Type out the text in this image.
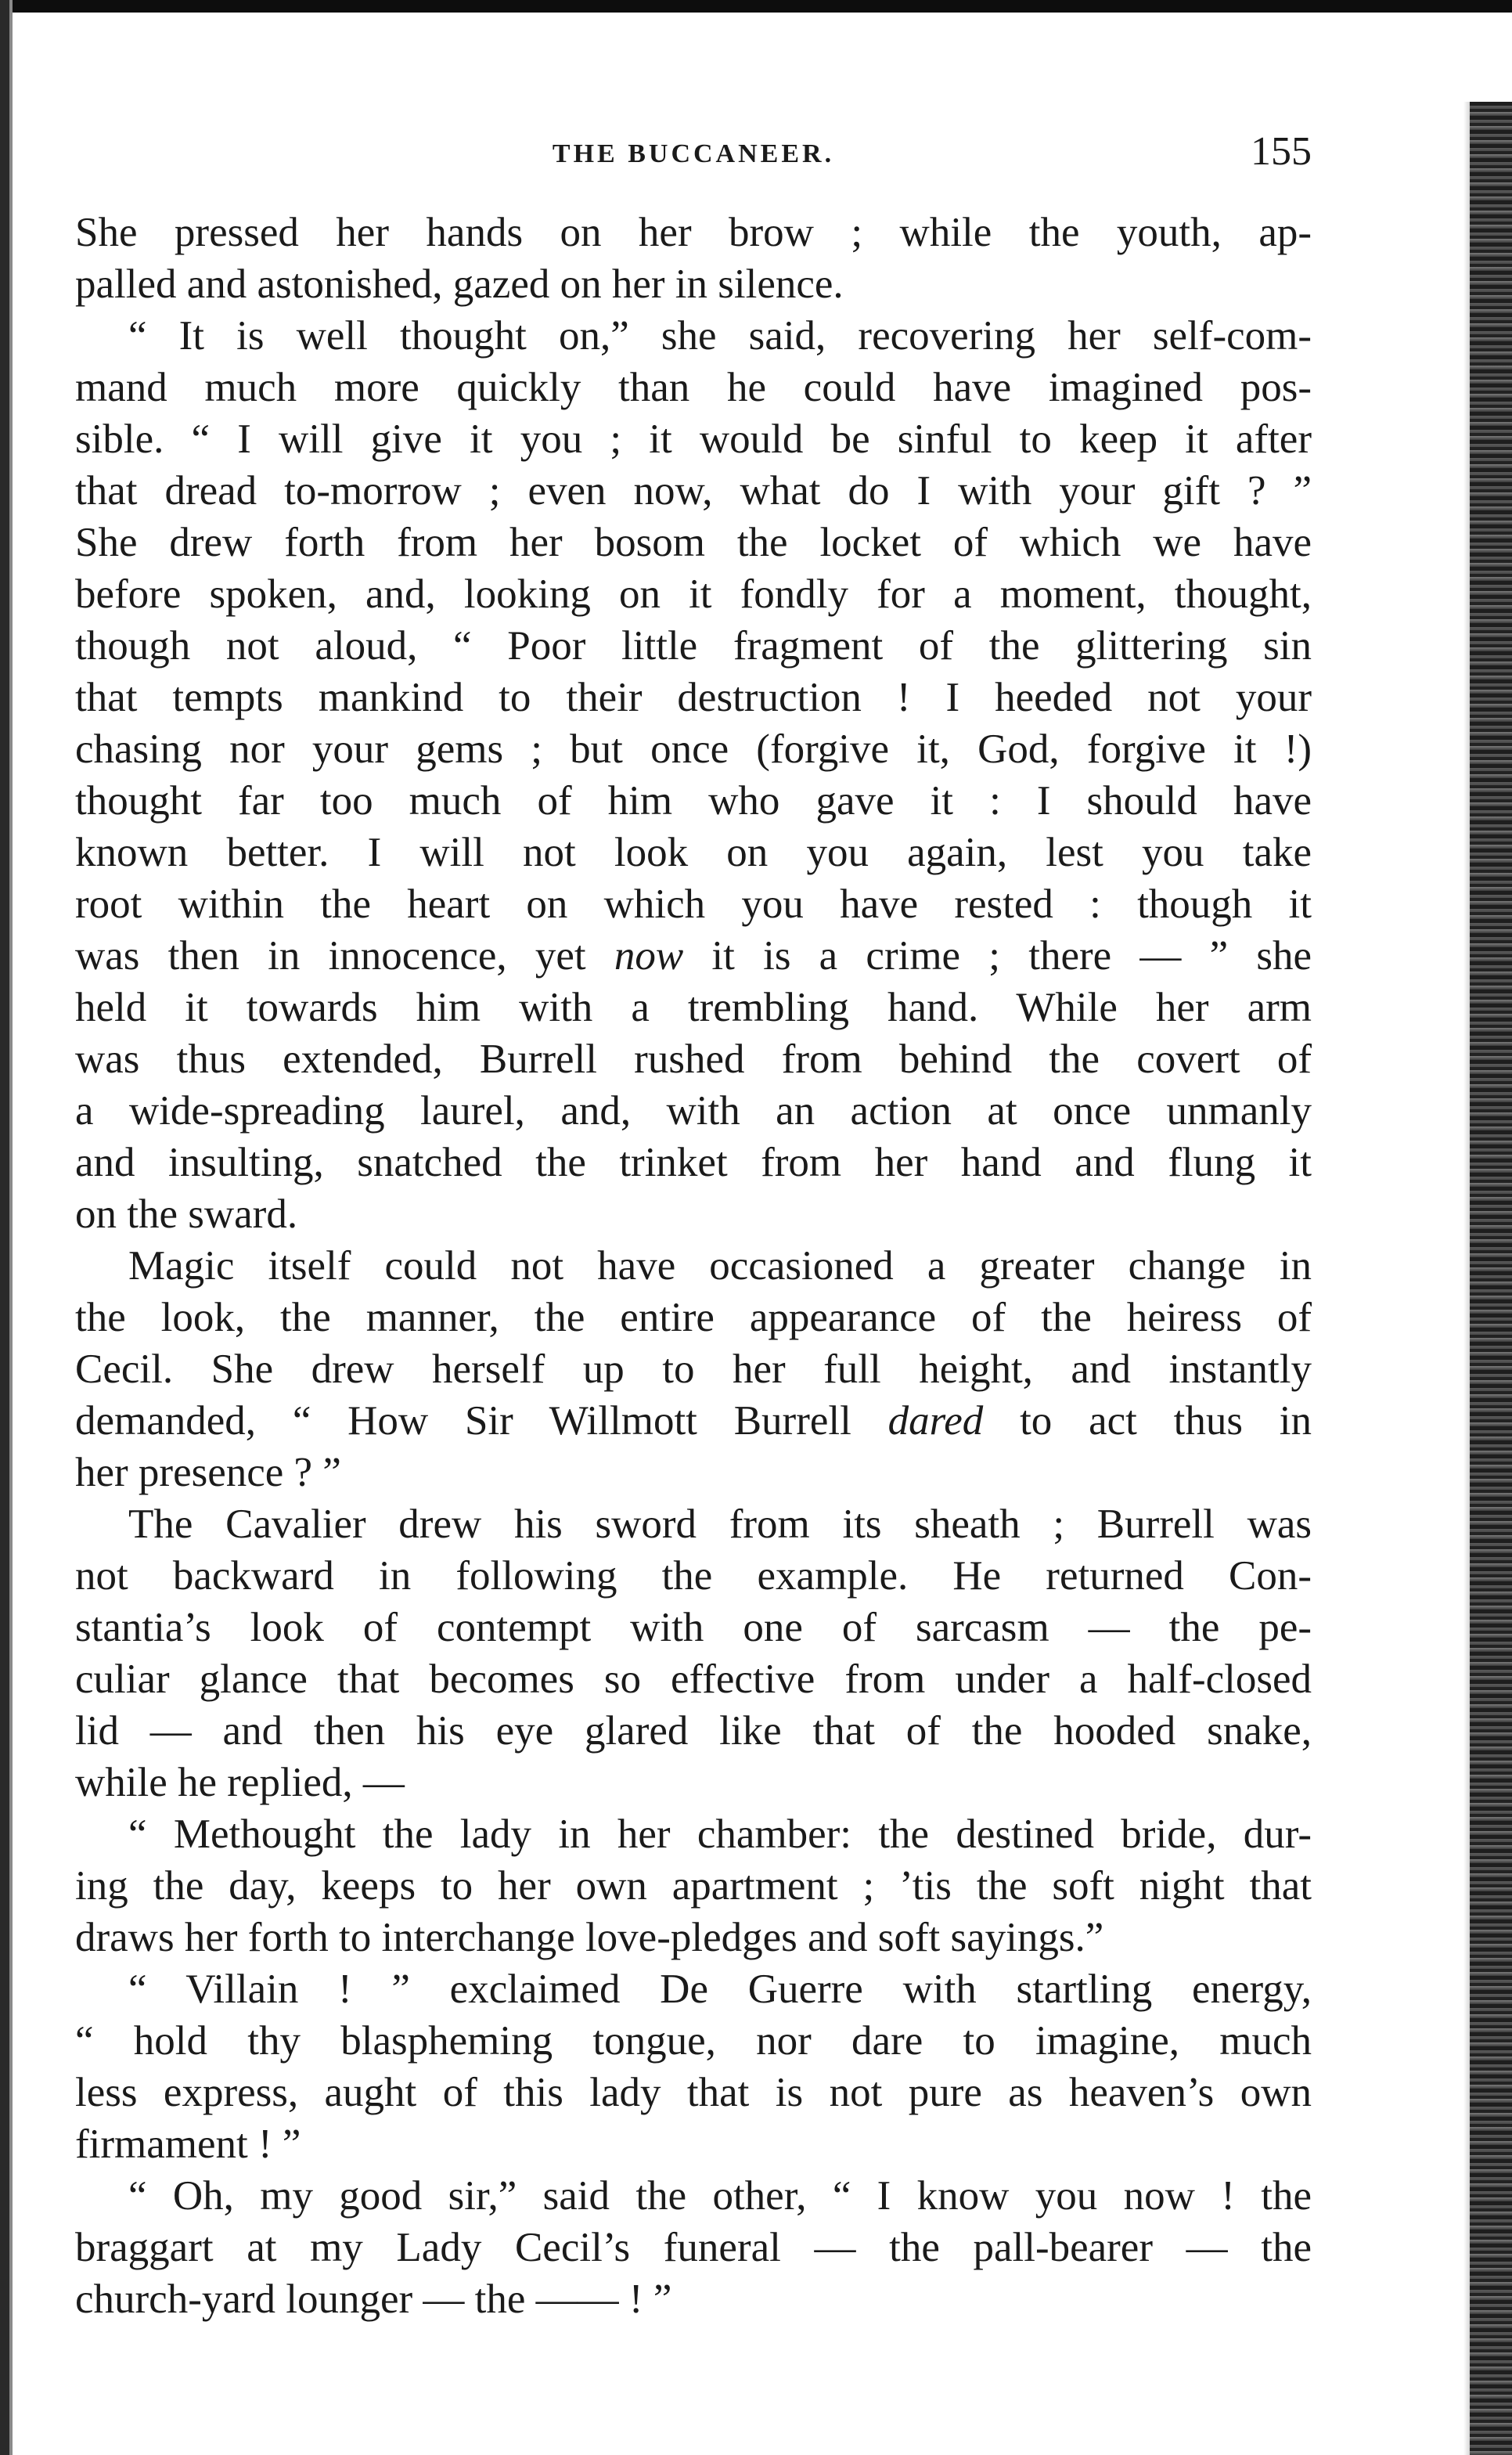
THE BUCCANEER.	155
She pressed her hands on her brow ; while the youth, ap-
palled and astonished, gazed on her in silence.
“ It is well thought on,” she said, recovering her self-com-
mand much more quickly than he could have imagined pos-
sible. “ I will give it you ; it would be sinful to keep it after
that dread to-morrow ; even now, what do I with your gift ? ”
She drew forth from her bosom the locket of which we have
before spoken, and, looking on it fondly for a moment, thought,
though not aloud, “ Poor little fragment of the glittering sin
that tempts mankind to their destruction ! I heeded not your
chasing nor your gems ; but once (forgive it, God, forgive it !)
thought far too much of him who gave it : I should have
known better. I will not look on you again, lest you take
root within the heart on which you have rested : though it
was then in innocence, yet now it is a crime ; there — ” she
held it towards him with a trembling hand. While her arm
was thus extended, Burrell rushed from behind the covert of
a wide-spreading laurel, and, with an action at once unmanly
and insulting, snatched the trinket from her hand and flung it
on the sward.
Magic itself could not have occasioned a greater change in
the look, the manner, the entire appearance of the heiress of
Cecil. She drew herself up to her full height, and instantly
demanded, “ How Sir Willmott Burrell dared to act thus in
her presence ? ”
The Cavalier drew his sword from its sheath ; Burrell was
not backward in following the example. He returned Con-
stantia’s look of contempt with one of sarcasm — the pe-
culiar glance that becomes so effective from under a half-closed
lid — and then his eye glared like that of the hooded snake,
while he replied, —
“ Methought the lady in her chamber: the destined bride, dur-
ing the day, keeps to her own apartment ; ’tis the soft night that
draws her forth to interchange love-pledges and soft sayings.”
“ Villain ! ” exclaimed De Guerre with startling energy,
“ hold thy blaspheming tongue, nor dare to imagine, much
less express, aught of this lady that is not pure as heaven’s own
firmament ! ”
“ Oh, my good sir,” said the other, “ I know you now ! the
braggart at my Lady Cecil’s funeral — the pall-bearer — the
church-yard lounger — the —— ! ”
